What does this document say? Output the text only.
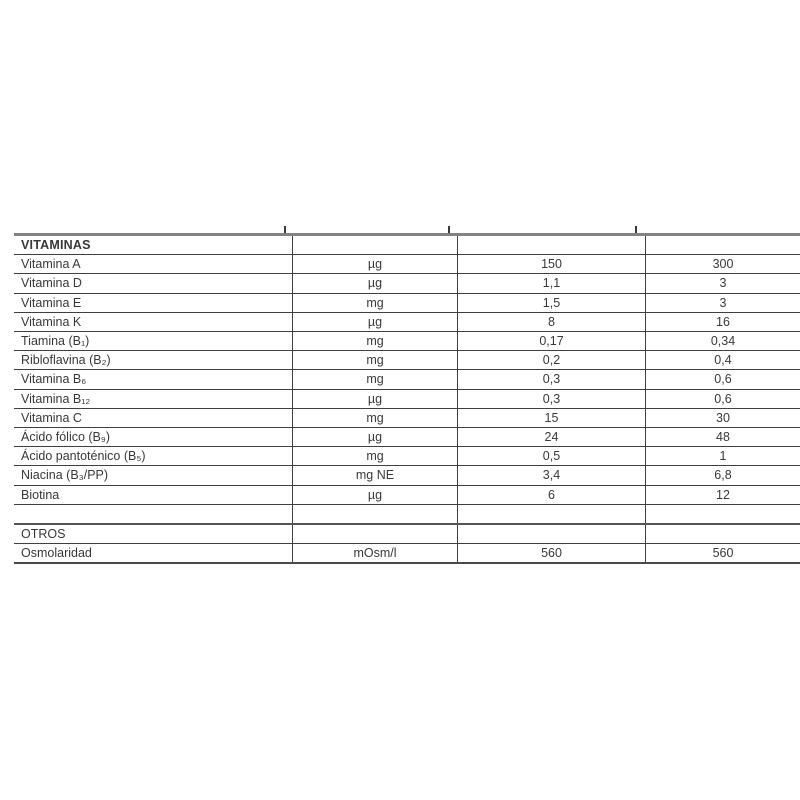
VITAMINAS			
Vitamina A	µg	150	300
Vitamina D	µg	1,1	3
Vitamina E	mg	1,5	3
Vitamina K	µg	8	16
Tiamina (B₁)	mg	0,17	0,34
Ribloflavina (B₂)	mg	0,2	0,4
Vitamina B₆	mg	0,3	0,6
Vitamina B₁₂	µg	0,3	0,6
Vitamina C	mg	15	30
Ácido fólico (B₉)	µg	24	48
Ácido pantoténico (B₅)	mg	0,5	1
Niacina (B₃/PP)	mg NE	3,4	6,8
Biotina	µg	6	12

OTROS			
Osmolaridad	mOsm/l	560	560
